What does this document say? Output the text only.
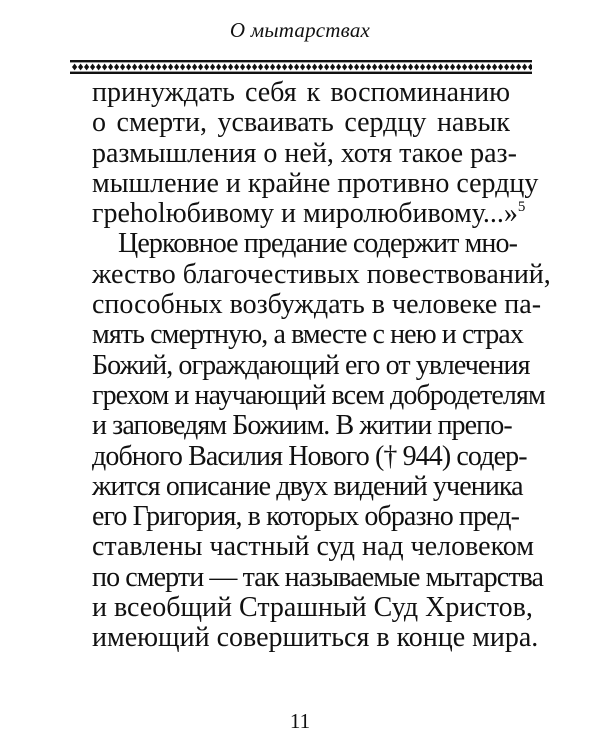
О мытарствах
принуждать себя к воспоминанию
о смерти, усваивать сердцу навык
размышления о ней, хотя такое раз-
мышление и крайне противно сердцу
греholюбивому и миролюбивому...»$^5$
Церковное предание содержит мно-
жество благочестивых повествований,
способных возбуждать в человеке па-
мять смертную, а вместе с нею и страх
Божий, ограждающий его от увлечения
грехом и научающий всем добродетелям
и заповедям Божиим. В житии препо-
добного Василия Нового († 944) содер-
жится описание двух видений ученика
его Григория, в которых образно пред-
ставлены частный суд над человеком
по смерти — так называемые мытарства
и всеобщий Страшный Суд Христов,
имеющий совершиться в конце мира.
11
